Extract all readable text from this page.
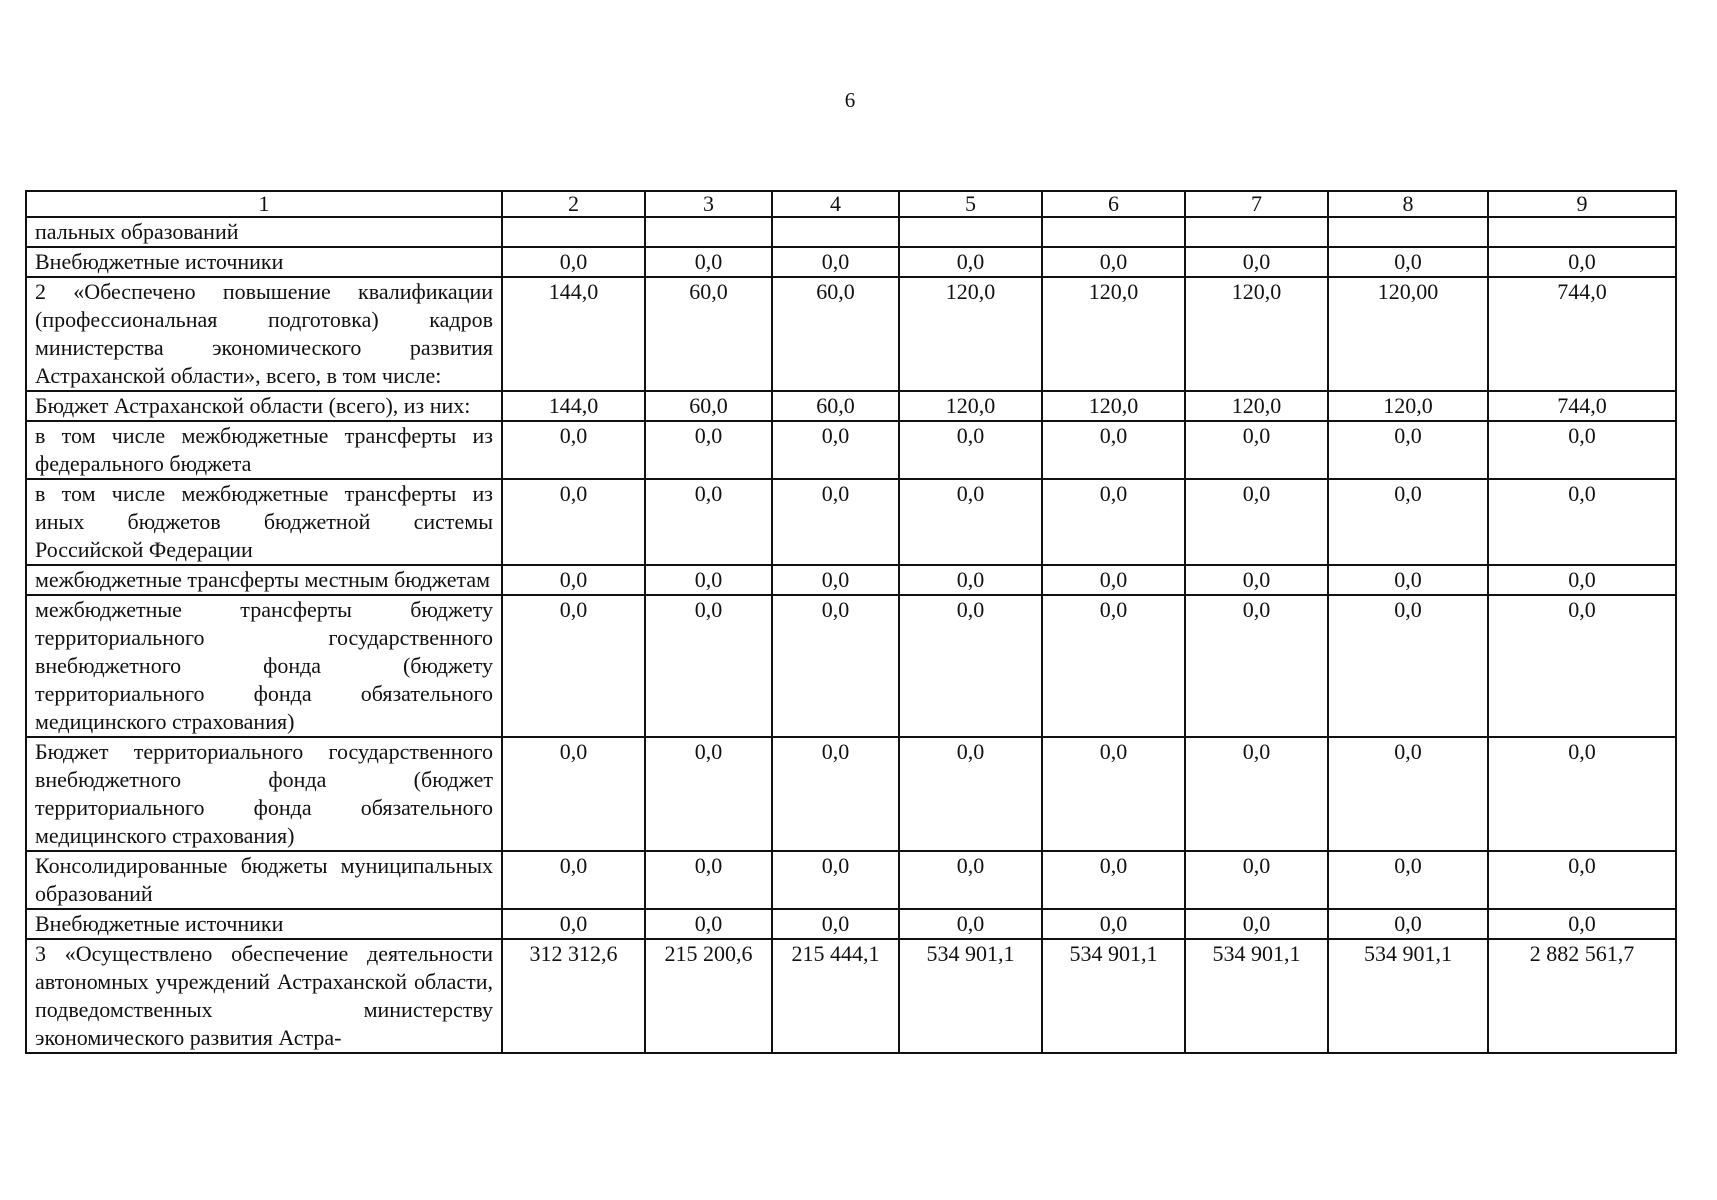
6
1	2	3	4	5	6	7	8	9
пальных образований								
Внебюджетные источники	0,0	0,0	0,0	0,0	0,0	0,0	0,0	0,0
2 «Обеспечено повышение квалификации (профессиональная подготовка) кадров министерства экономического развития Астраханской области», всего, в том числе:	144,0	60,0	60,0	120,0	120,0	120,0	120,00	744,0
Бюджет Астраханской области (всего), из них:	144,0	60,0	60,0	120,0	120,0	120,0	120,0	744,0
в том числе межбюджетные трансферты из федерального бюджета	0,0	0,0	0,0	0,0	0,0	0,0	0,0	0,0
в том числе межбюджетные трансферты из иных бюджетов бюджетной системы Российской Федерации	0,0	0,0	0,0	0,0	0,0	0,0	0,0	0,0
межбюджетные трансферты местным бюджетам	0,0	0,0	0,0	0,0	0,0	0,0	0,0	0,0
межбюджетные трансферты бюджету территориального государственного внебюджетного фонда (бюджету территориального фонда обязательного медицинского страхования)	0,0	0,0	0,0	0,0	0,0	0,0	0,0	0,0
Бюджет территориального государственного внебюджетного фонда (бюджет территориального фонда обязательного медицинского страхования)	0,0	0,0	0,0	0,0	0,0	0,0	0,0	0,0
Консолидированные бюджеты муниципальных образований	0,0	0,0	0,0	0,0	0,0	0,0	0,0	0,0
Внебюджетные источники	0,0	0,0	0,0	0,0	0,0	0,0	0,0	0,0
3 «Осуществлено обеспечение деятельности автономных учреждений Астраханской области, подведомственных министерству экономического развития Астра-	312 312,6	215 200,6	215 444,1	534 901,1	534 901,1	534 901,1	534 901,1	2 882 561,7
